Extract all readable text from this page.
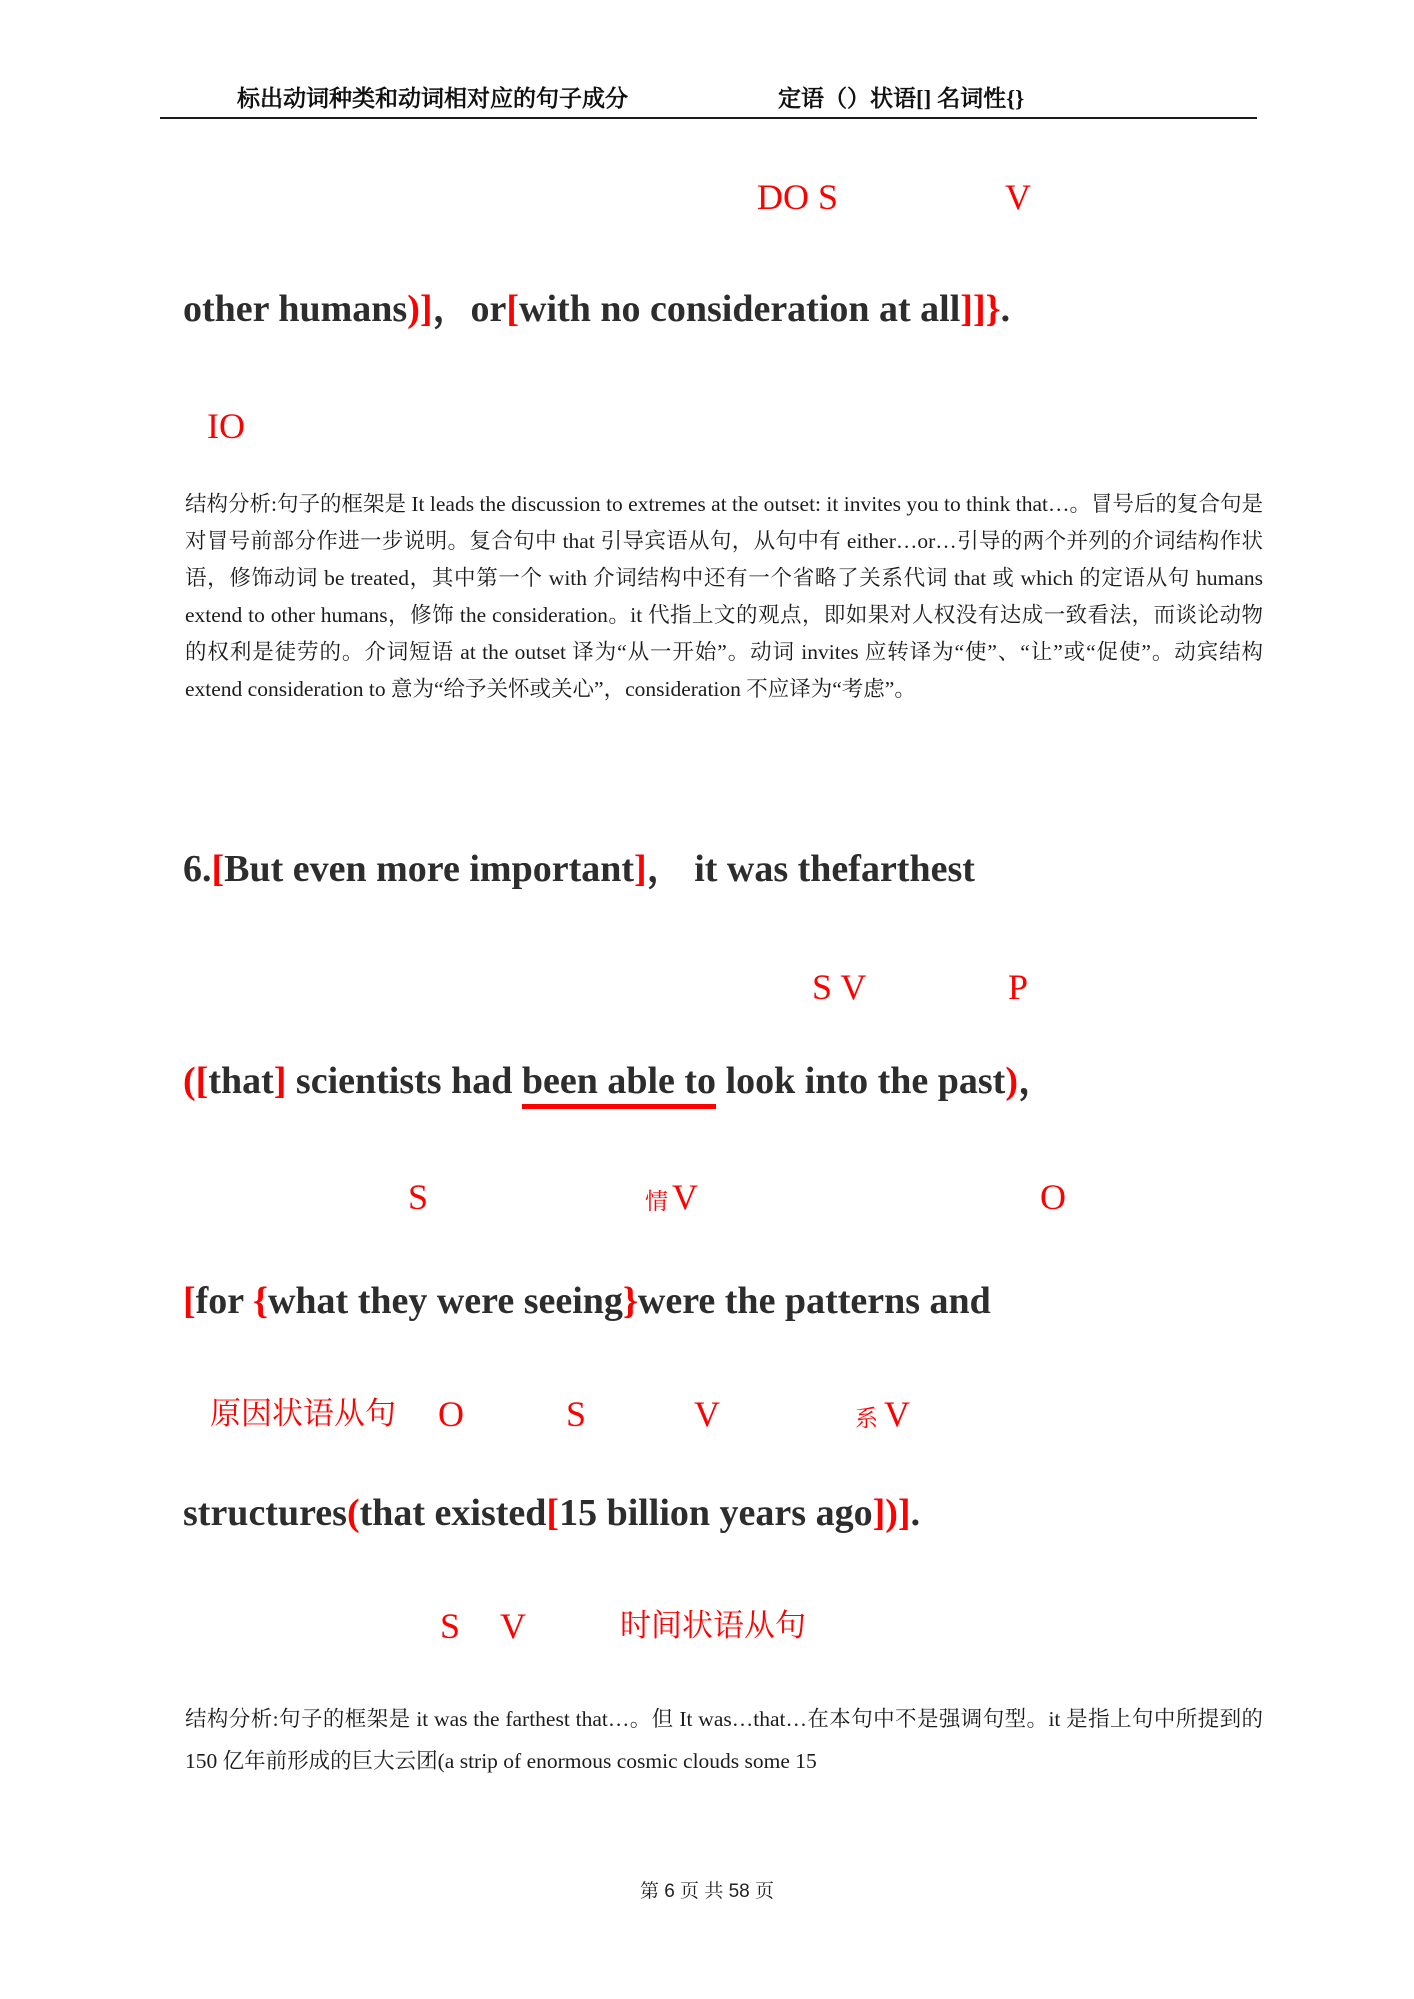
标出动词种类和动词相对应的句子成分	定语（）状语[] 名词性{}
DO S	V
other humans)]，or[with no consideration at all]]}.
IO

结构分析:句子的框架是 It leads the discussion to extremes at the outset: it invites you to think that…。冒号后的复合句是对冒号前部分作进一步说明。复合句中 that 引导宾语从句，从句中有 either…or…引导的两个并列的介词结构作状语，修饰动词 be treated，其中第一个 with 介词结构中还有一个省略了关系代词 that 或 which 的定语从句 humans extend to other humans，修饰 the consideration。it 代指上文的观点，即如果对人权没有达成一致看法，而谈论动物的权利是徒劳的。介词短语 at the outset 译为“从一开始”。动词 invites 应转译为“使”、“让”或“促使”。动宾结构 extend consideration to 意为“给予关怀或关心”，consideration 不应译为“考虑”。

6.[But even more important]， it was thefarthest
S V	P
([that] scientists had been able to look into the past)，
S	情 V	O
[for {what they were seeing}were the patterns and
原因状语从句 O	S	V	系 V
structures(that existed[15 billion years ago])].
S V	时间状语从句

结构分析:句子的框架是 it was the farthest that…。但 It was…that…在本句中不是强调句型。it 是指上句中所提到的 150 亿年前形成的巨大云团(a strip of enormous cosmic clouds some 15

第 6 页 共 58 页
